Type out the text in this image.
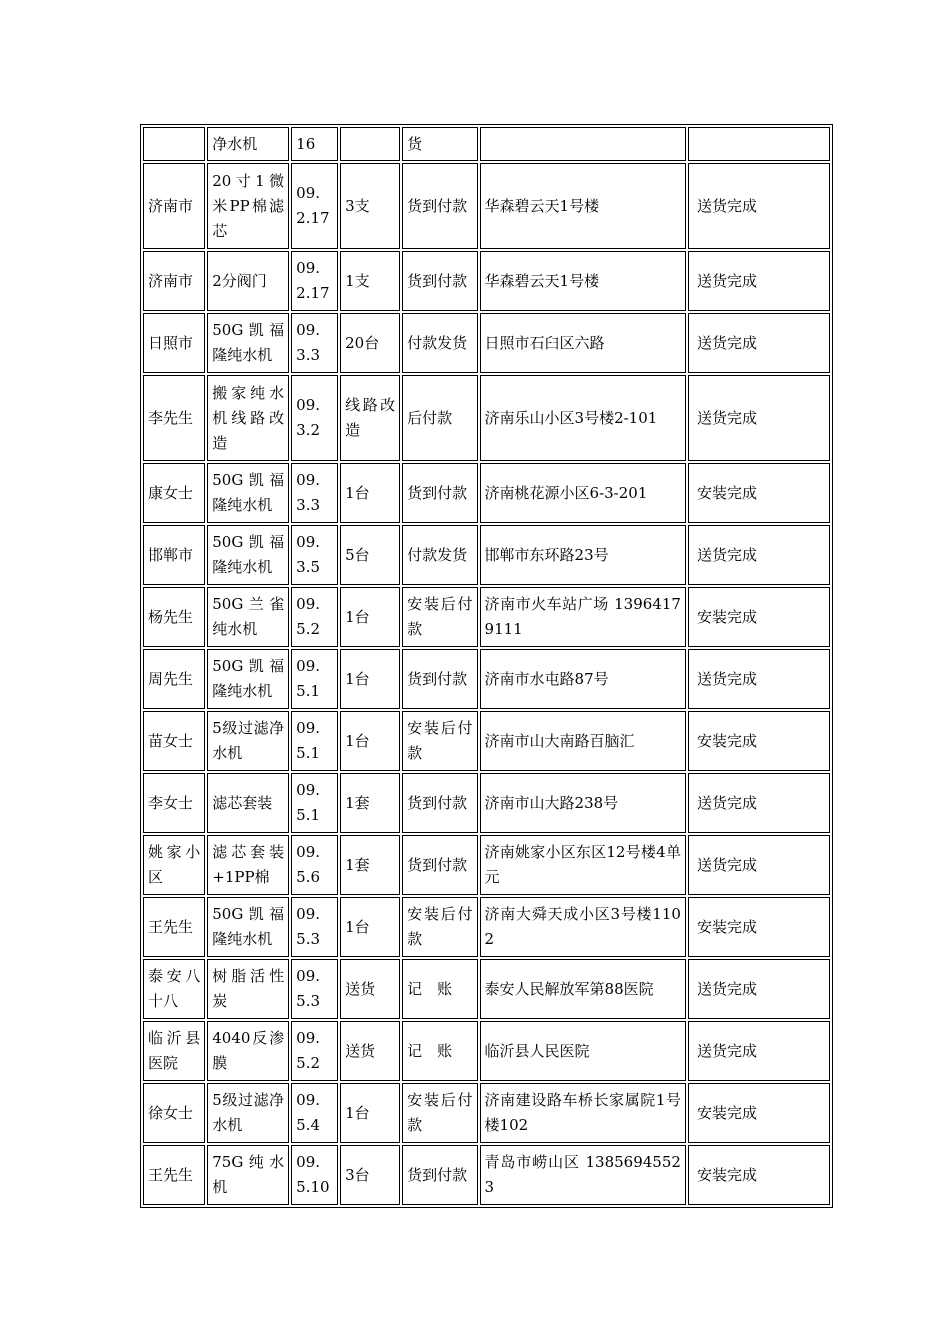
	净水机	16		货		
济南市	20寸1微米PP棉滤芯	09.2.17	3支	货到付款	华森碧云天1号楼	送货完成
济南市	2分阀门	09.2.17	1支	货到付款	华森碧云天1号楼	送货完成
日照市	50G凯福隆纯水机	09.3.3	20台	付款发货	日照市石臼区六路	送货完成
李先生	搬家纯水机线路改造	09.3.2	线路改造	后付款	济南乐山小区3号楼2-101	送货完成
康女士	50G凯福隆纯水机	09.3.3	1台	货到付款	济南桃花源小区6-3-201	安装完成
邯郸市	50G凯福隆纯水机	09.3.5	5台	付款发货	邯郸市东环路23号	送货完成
杨先生	50G兰雀纯水机	09.5.2	1台	安装后付款	济南市火车站广场 13964179111	安装完成
周先生	50G凯福隆纯水机	09.5.1	1台	货到付款	济南市水屯路87号	送货完成
苗女士	5级过滤净水机	09.5.1	1台	安装后付款	济南市山大南路百脑汇	安装完成
李女士	滤芯套装	09.5.1	1套	货到付款	济南市山大路238号	送货完成
姚家小区	滤芯套装+1PP棉	09.5.6	1套	货到付款	济南姚家小区东区12号楼4单元	送货完成
王先生	50G凯福隆纯水机	09.5.3	1台	安装后付款	济南大舜天成小区3号楼1102	安装完成
泰安八十八	树脂活性炭	09.5.3	送货	记　账	泰安人民解放军第88医院	送货完成
临沂县医院	4040反渗膜	09.5.2	送货	记　账	临沂县人民医院	送货完成
徐女士	5级过滤净水机	09.5.4	1台	安装后付款	济南建设路车桥长家属院1号楼102	安装完成
王先生	75G纯水机	09.5.10	3台	货到付款	青岛市崂山区 13856945523	安装完成
